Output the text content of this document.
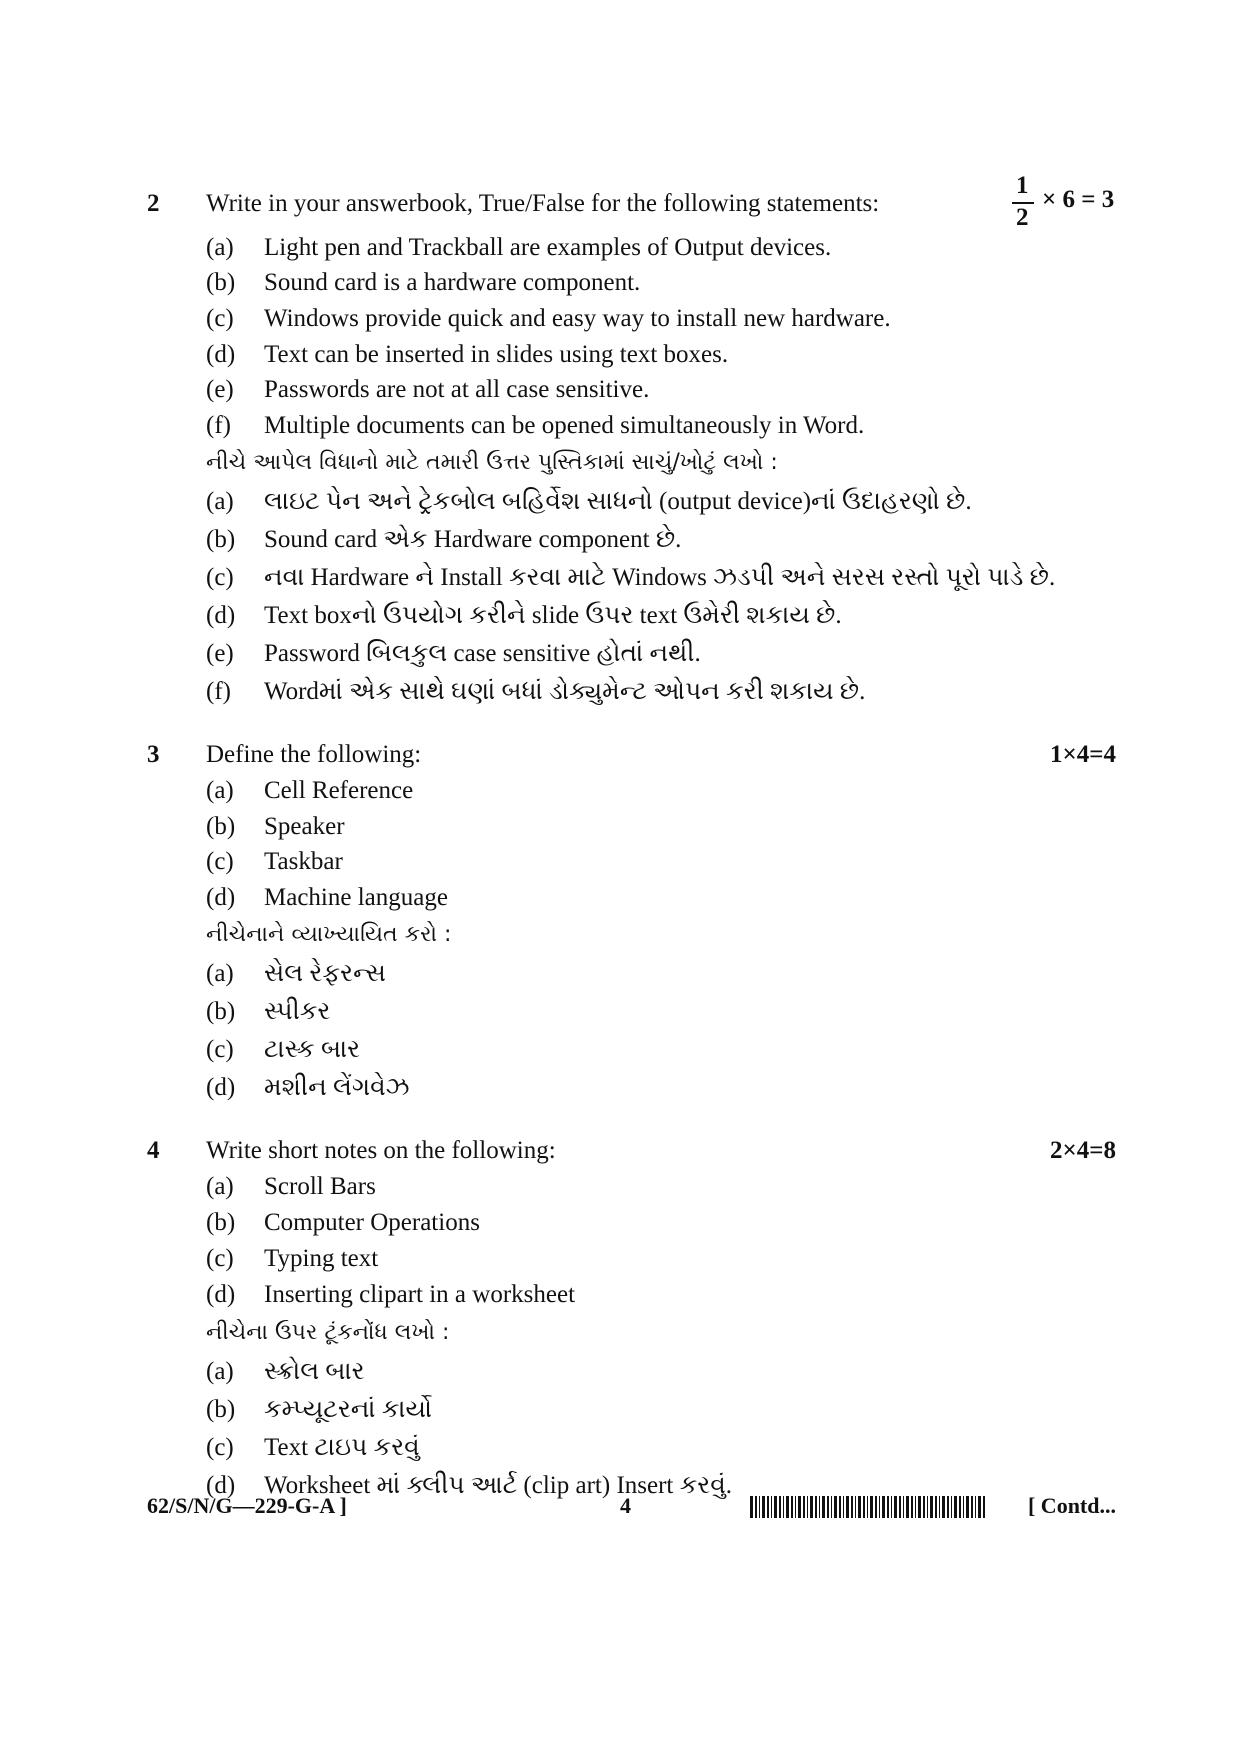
2 Write in your answerbook, True/False for the following statements:
1
2
× 6 = 3
(a) Light pen and Trackball are examples of Output devices.
(b) Sound card is a hardware component.
(c) Windows provide quick and easy way to install new hardware.
(d) Text can be inserted in slides using text boxes.
(e) Passwords are not at all case sensitive.
(f) Multiple documents can be opened simultaneously in Word.
નીચે આપેલ વિધાનો માટે તમારી ઉત્તર પુસ્તિકામાં સાચું/ખોટું લખો :
(a) લાઇટ પેન અને ટ્રેકબોલ બહિર્વેશ સાધનો (output device)નાં ઉદાહરણો છે.
(b) Sound card એક Hardware component છે.
(c) નવા Hardware ને Install કરવા માટે Windows ઝડપી અને સરસ રસ્તો પૂરો પાડે છે.
(d) Text boxનો ઉપયોગ કરીને slide ઉપર text ઉમેરી શકાય છે.
(e) Password બિલકુલ case sensitive હોતાં નથી.
(f) Wordમાં એક સાથે ઘણાં બધાં ડોક્યુમેન્ટ ઓપન કરી શકાય છે.
3 Define the following:	1×4=4
(a) Cell Reference
(b) Speaker
(c) Taskbar
(d) Machine language
નીચેનાને વ્યાખ્યાયિત કરો :
(a) સેલ રેફરન્સ
(b) સ્પીકર
(c) ટાસ્ક બાર
(d) મશીન લેંગવેઝ
4 Write short notes on the following:	2×4=8
(a) Scroll Bars
(b) Computer Operations
(c) Typing text
(d) Inserting clipart in a worksheet
નીચેના ઉપર ટૂંકનોંધ લખો :
(a) સ્ક્રોલ બાર
(b) કમ્પ્યૂટરનાં કાર્યો
(c) Text ટાઇપ કરવું
(d) Worksheet માં ક્લીપ આર્ટ (clip art) Insert કરવું.
62/S/N/G—229-G-A ]	4	[ Contd...
